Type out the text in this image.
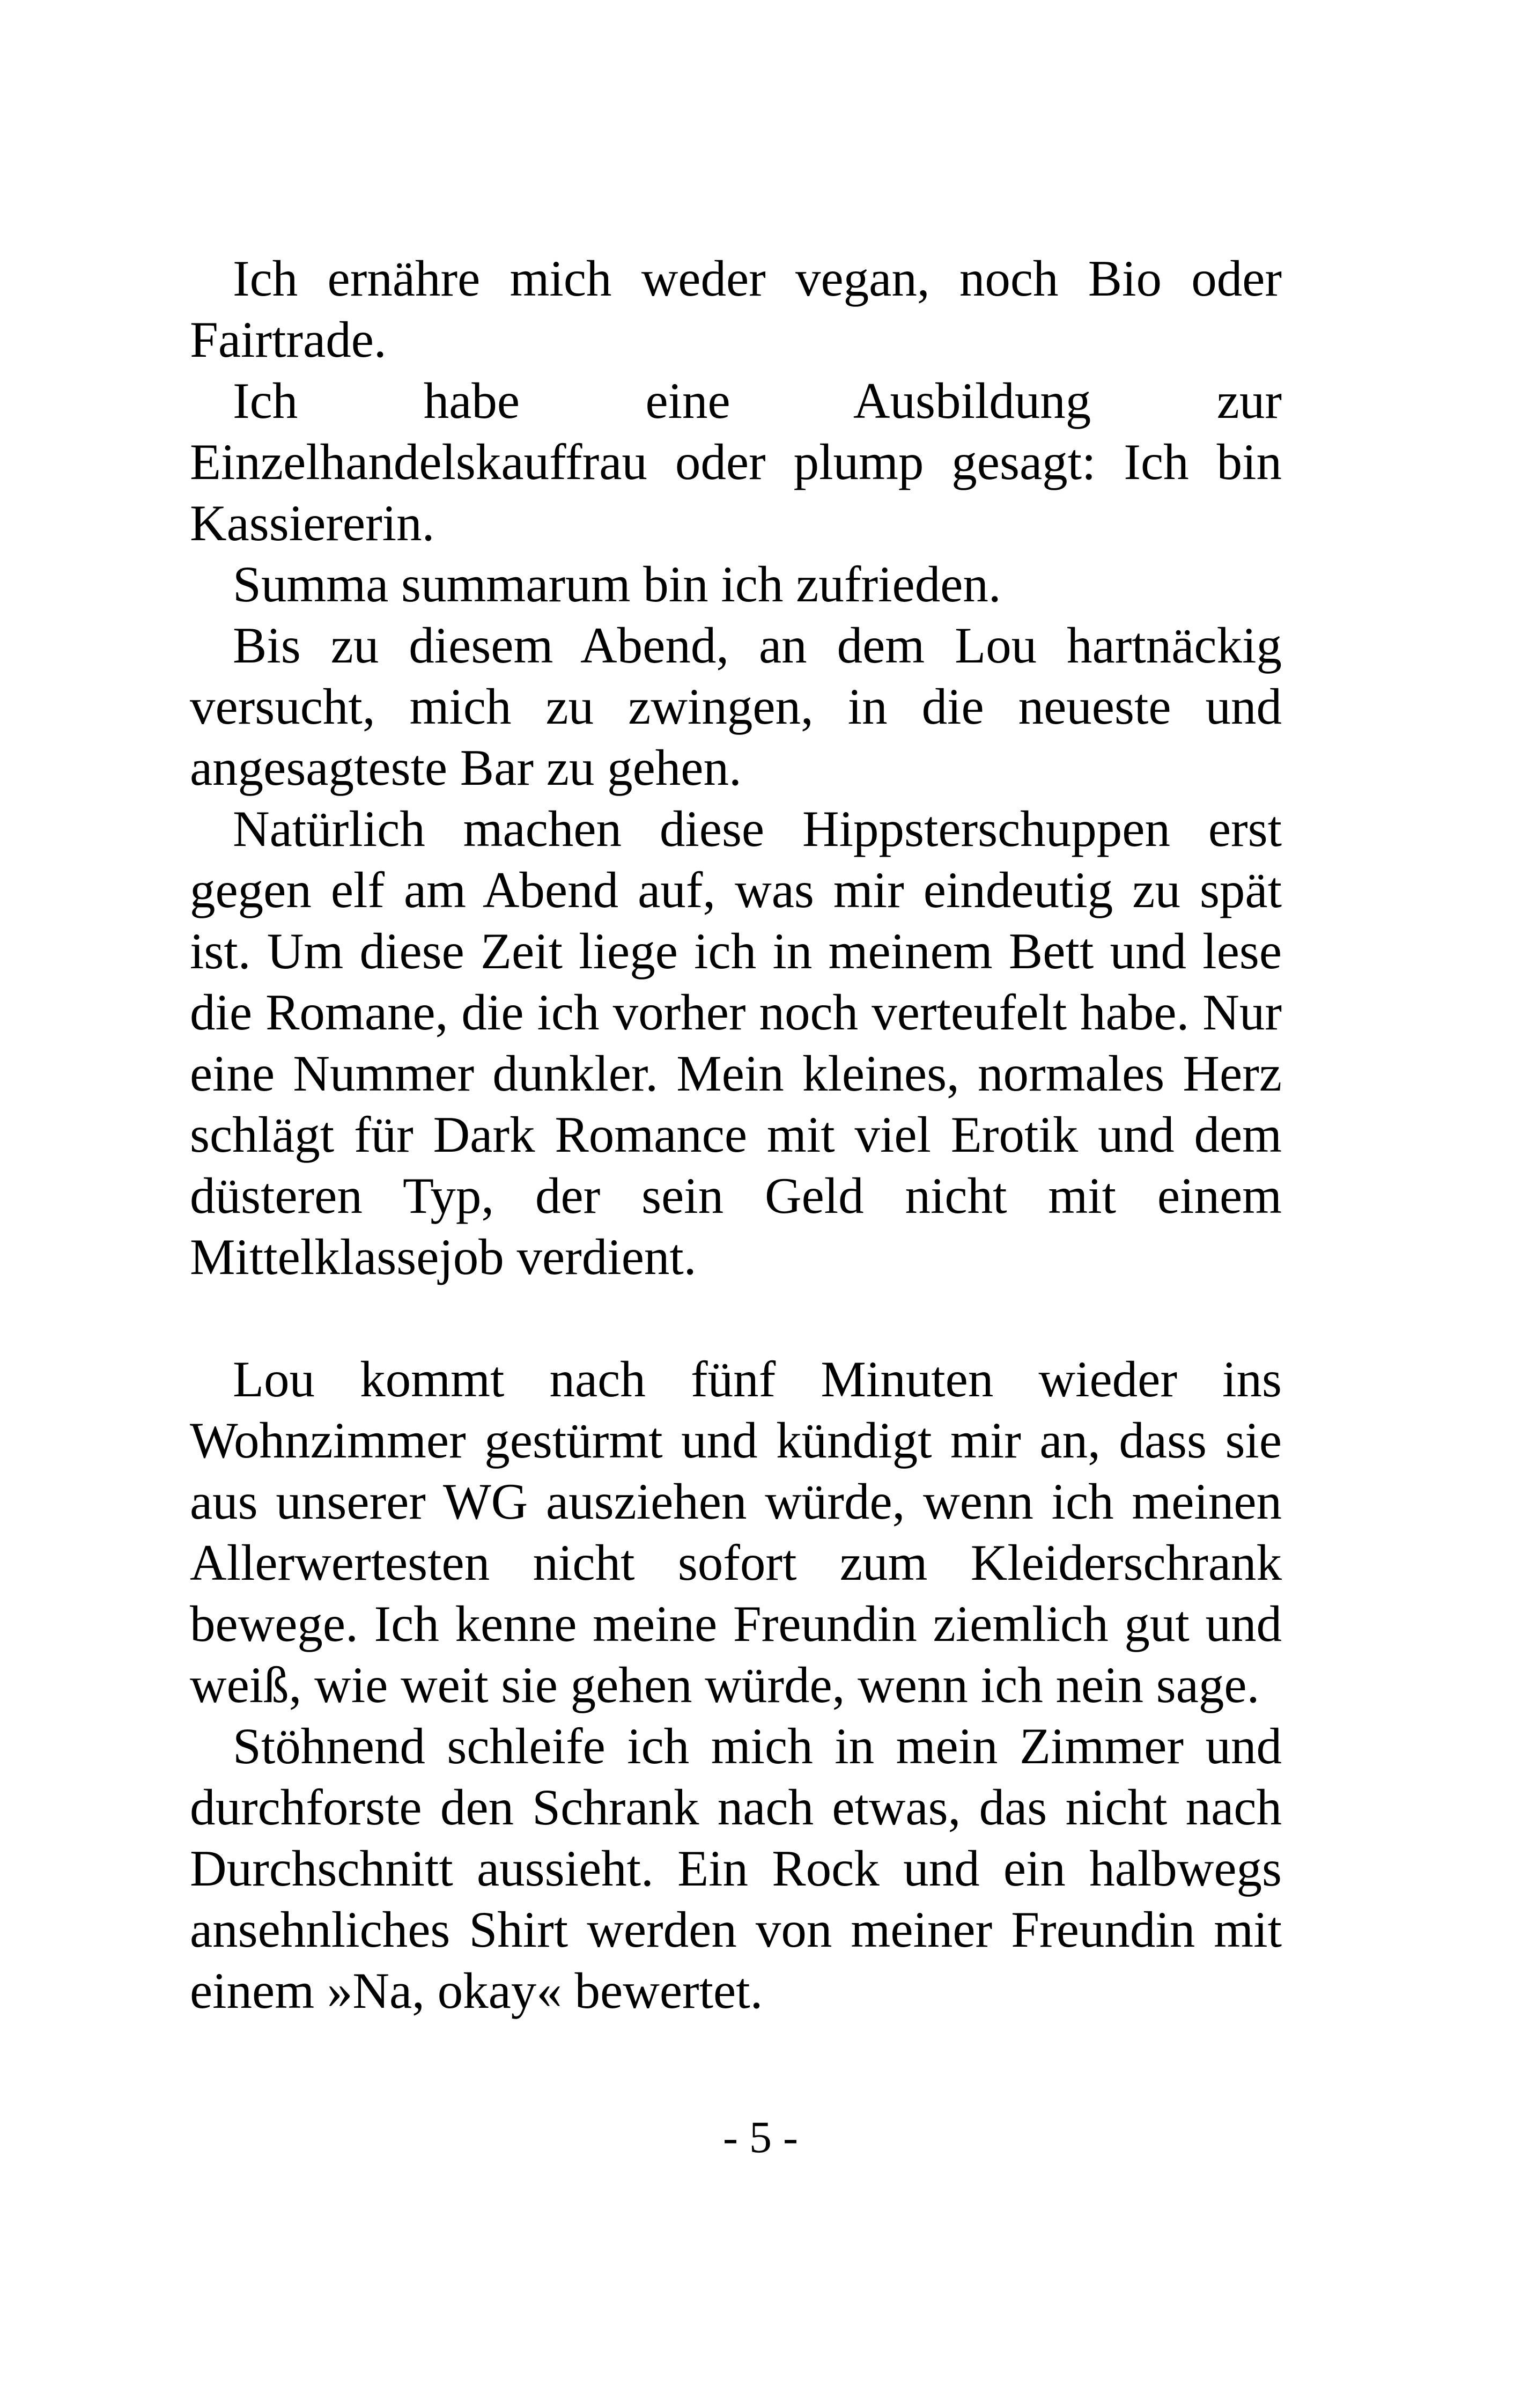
Ich ernähre mich weder vegan, noch Bio oder Fairtrade.

Ich habe eine Ausbildung zur Einzelhandelskauffrau oder plump gesagt: Ich bin Kassiererin.

Summa summarum bin ich zufrieden.

Bis zu diesem Abend, an dem Lou hartnäckig versucht, mich zu zwingen, in die neueste und angesagteste Bar zu gehen.

Natürlich machen diese Hippsterschuppen erst gegen elf am Abend auf, was mir eindeutig zu spät ist. Um diese Zeit liege ich in meinem Bett und lese die Romane, die ich vorher noch verteufelt habe. Nur eine Nummer dunkler. Mein kleines, normales Herz schlägt für Dark Romance mit viel Erotik und dem düsteren Typ, der sein Geld nicht mit einem Mittelklassejob verdient.

Lou kommt nach fünf Minuten wieder ins Wohnzimmer gestürmt und kündigt mir an, dass sie aus unserer WG ausziehen würde, wenn ich meinen Allerwertesten nicht sofort zum Kleiderschrank bewege. Ich kenne meine Freundin ziemlich gut und weiß, wie weit sie gehen würde, wenn ich nein sage.

Stöhnend schleife ich mich in mein Zimmer und durchforste den Schrank nach etwas, das nicht nach Durchschnitt aussieht. Ein Rock und ein halbwegs ansehnliches Shirt werden von meiner Freundin mit einem »Na, okay« bewertet.

- 5 -
